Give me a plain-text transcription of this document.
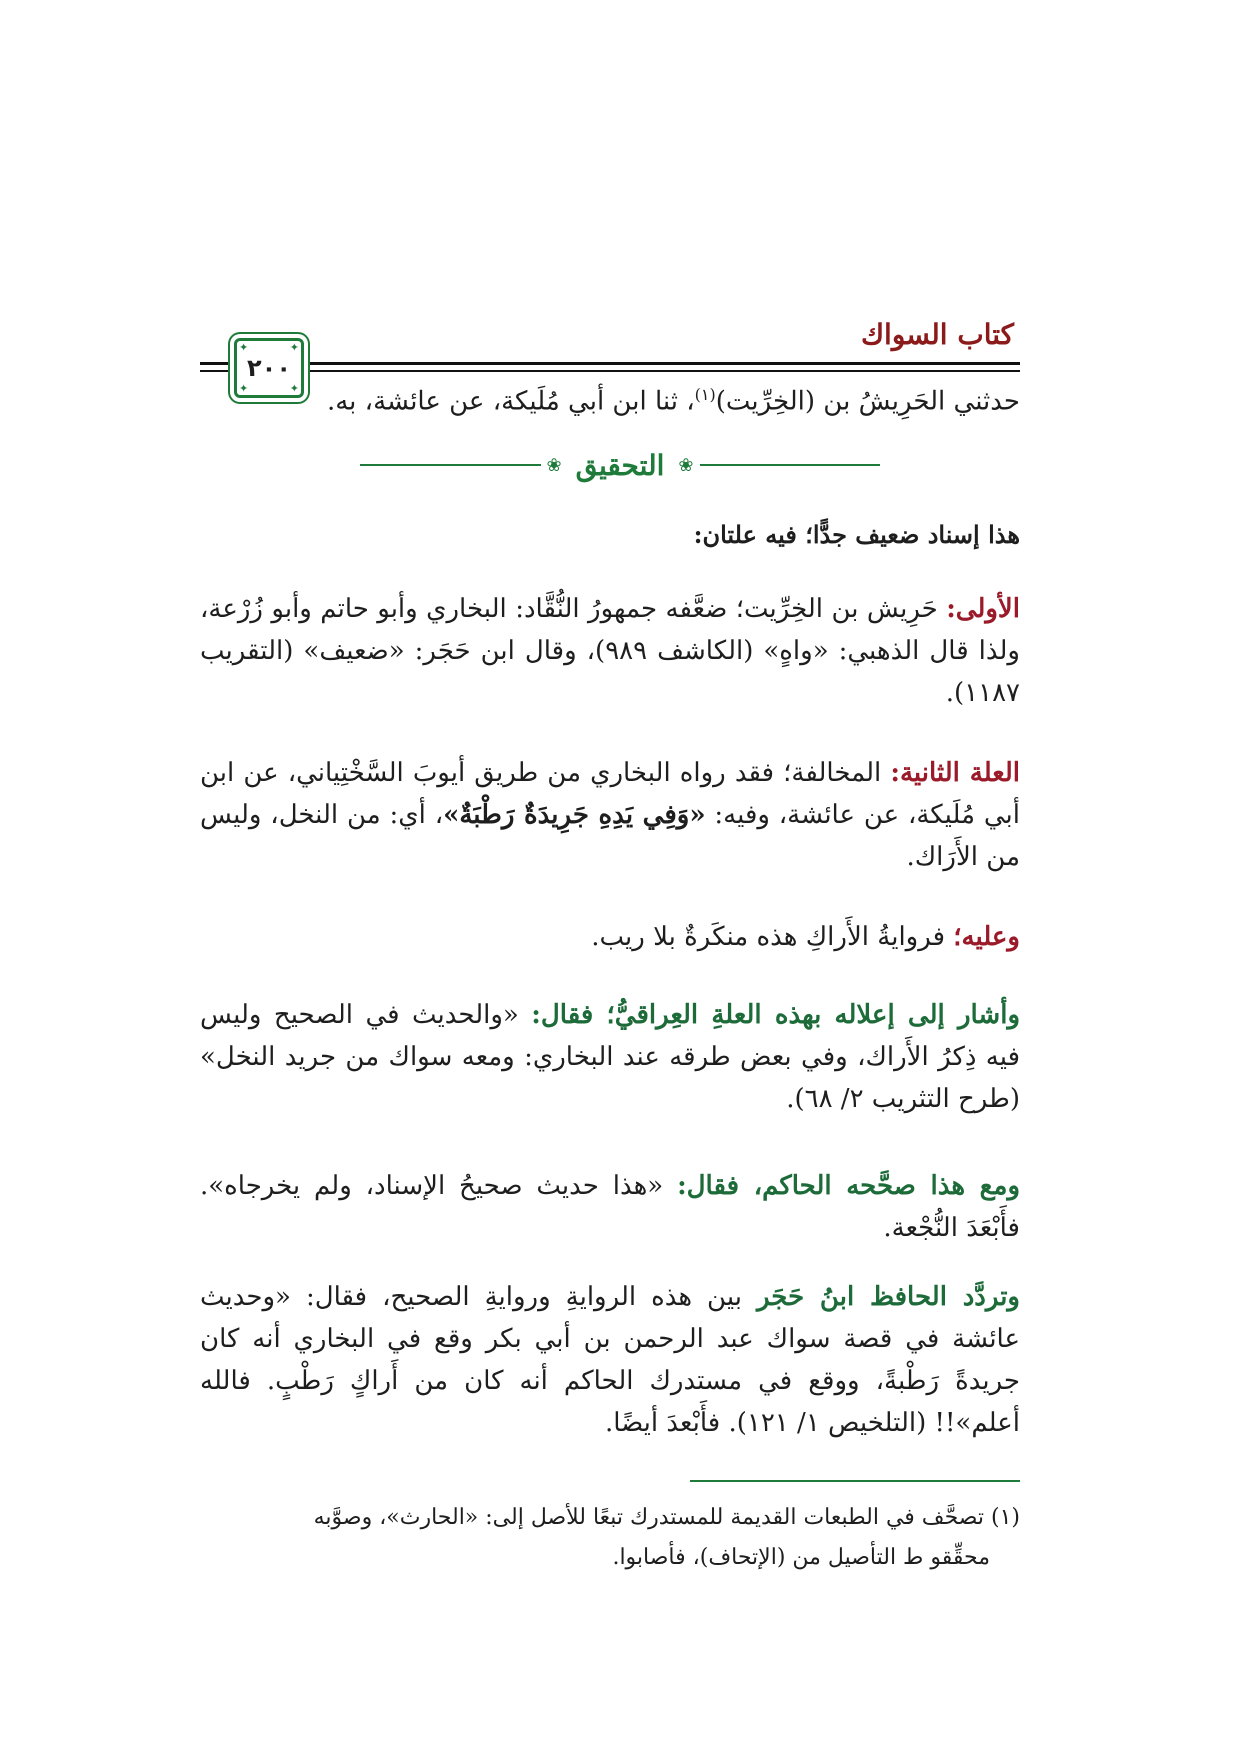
كتاب السواك
✦	✦
✦	✦
٢٠٠
حدثني الحَرِيشُ بن (الخِرِّيت)$^{(١)}$، ثنا ابن أبي مُلَيكة، عن عائشة، به.
❀
التحقيق
❀
هذا إسناد ضعيف جدًّا؛ فيه علتان:
الأولى: حَرِيش بن الخِرِّيت؛ ضعَّفه جمهورُ النُّقَّاد: البخاري وأبو حاتم وأبو زُرْعة، ولذا قال الذهبي: «واهٍ» (الكاشف ٩٨٩)، وقال ابن حَجَر: «ضعيف» (التقريب ١١٨٧).
العلة الثانية: المخالفة؛ فقد رواه البخاري من طريق أيوبَ السَّخْتِياني، عن ابن أبي مُلَيكة، عن عائشة، وفيه: «وَفِي يَدِهِ جَرِيدَةٌ رَطْبَةٌ»، أي: من النخل، وليس من الأَرَاك.
وعليه؛ فروايةُ الأَراكِ هذه منكَرةٌ بلا ريب.
وأشار إلى إعلاله بهذه العلةِ العِراقيُّ؛ فقال: «والحديث في الصحيح وليس فيه ذِكرُ الأَراك، وفي بعض طرقه عند البخاري: ومعه سواك من جريد النخل» (طرح التثريب ٢/ ٦٨).
ومع هذا صحَّحه الحاكم، فقال: «هذا حديث صحيحُ الإسناد، ولم يخرجاه». فأَبْعَدَ النُّجْعة.
وتردَّد الحافظ ابنُ حَجَر بين هذه الروايةِ وروايةِ الصحيح، فقال: «وحديث عائشة في قصة سواك عبد الرحمن بن أبي بكر وقع في البخاري أنه كان جريدةً رَطْبةً، ووقع في مستدرك الحاكم أنه كان من أَراكٍ رَطْبٍ. فالله أعلم»!! (التلخيص ١/ ١٢١). فأَبْعدَ أيضًا.
(١) تصحَّف في الطبعات القديمة للمستدرك تبعًا للأصل إلى: «الحارث»، وصوَّبه
محقِّقو ط التأصيل من (الإتحاف)، فأصابوا.
